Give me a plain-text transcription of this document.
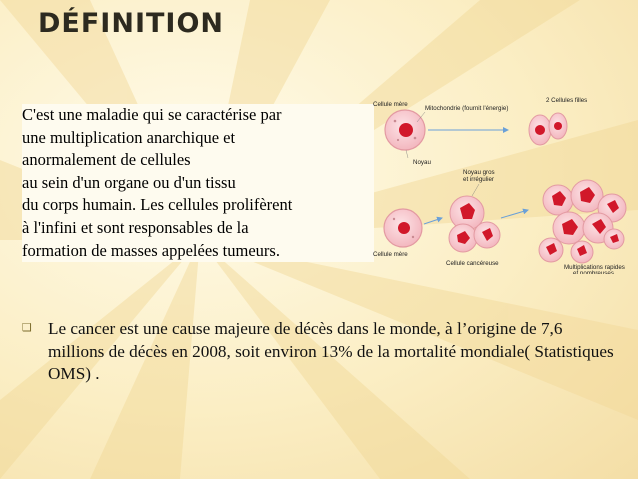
DÉFINITION
C'est une maladie qui se caractérise par
une multiplication anarchique et
anormalement de cellules
au sein d'un organe ou d'un tissu
du corps humain. Les cellules prolifèrent
à l'infini et sont responsables de la
formation de masses appelées tumeurs.
Cellule mère
Mitochondrie (fournit l'énergie)
Noyau
2 Cellules filles
Noyau gros
et irrégulier
Cellule mère
Cellule cancéreuse
Multiplications rapides
et nombreuses
❑ Le cancer est une cause majeure de décès dans le monde, à l’origine de 7,6 millions de décès en 2008, soit environ 13% de la mortalité mondiale( Statistiques OMS) .
